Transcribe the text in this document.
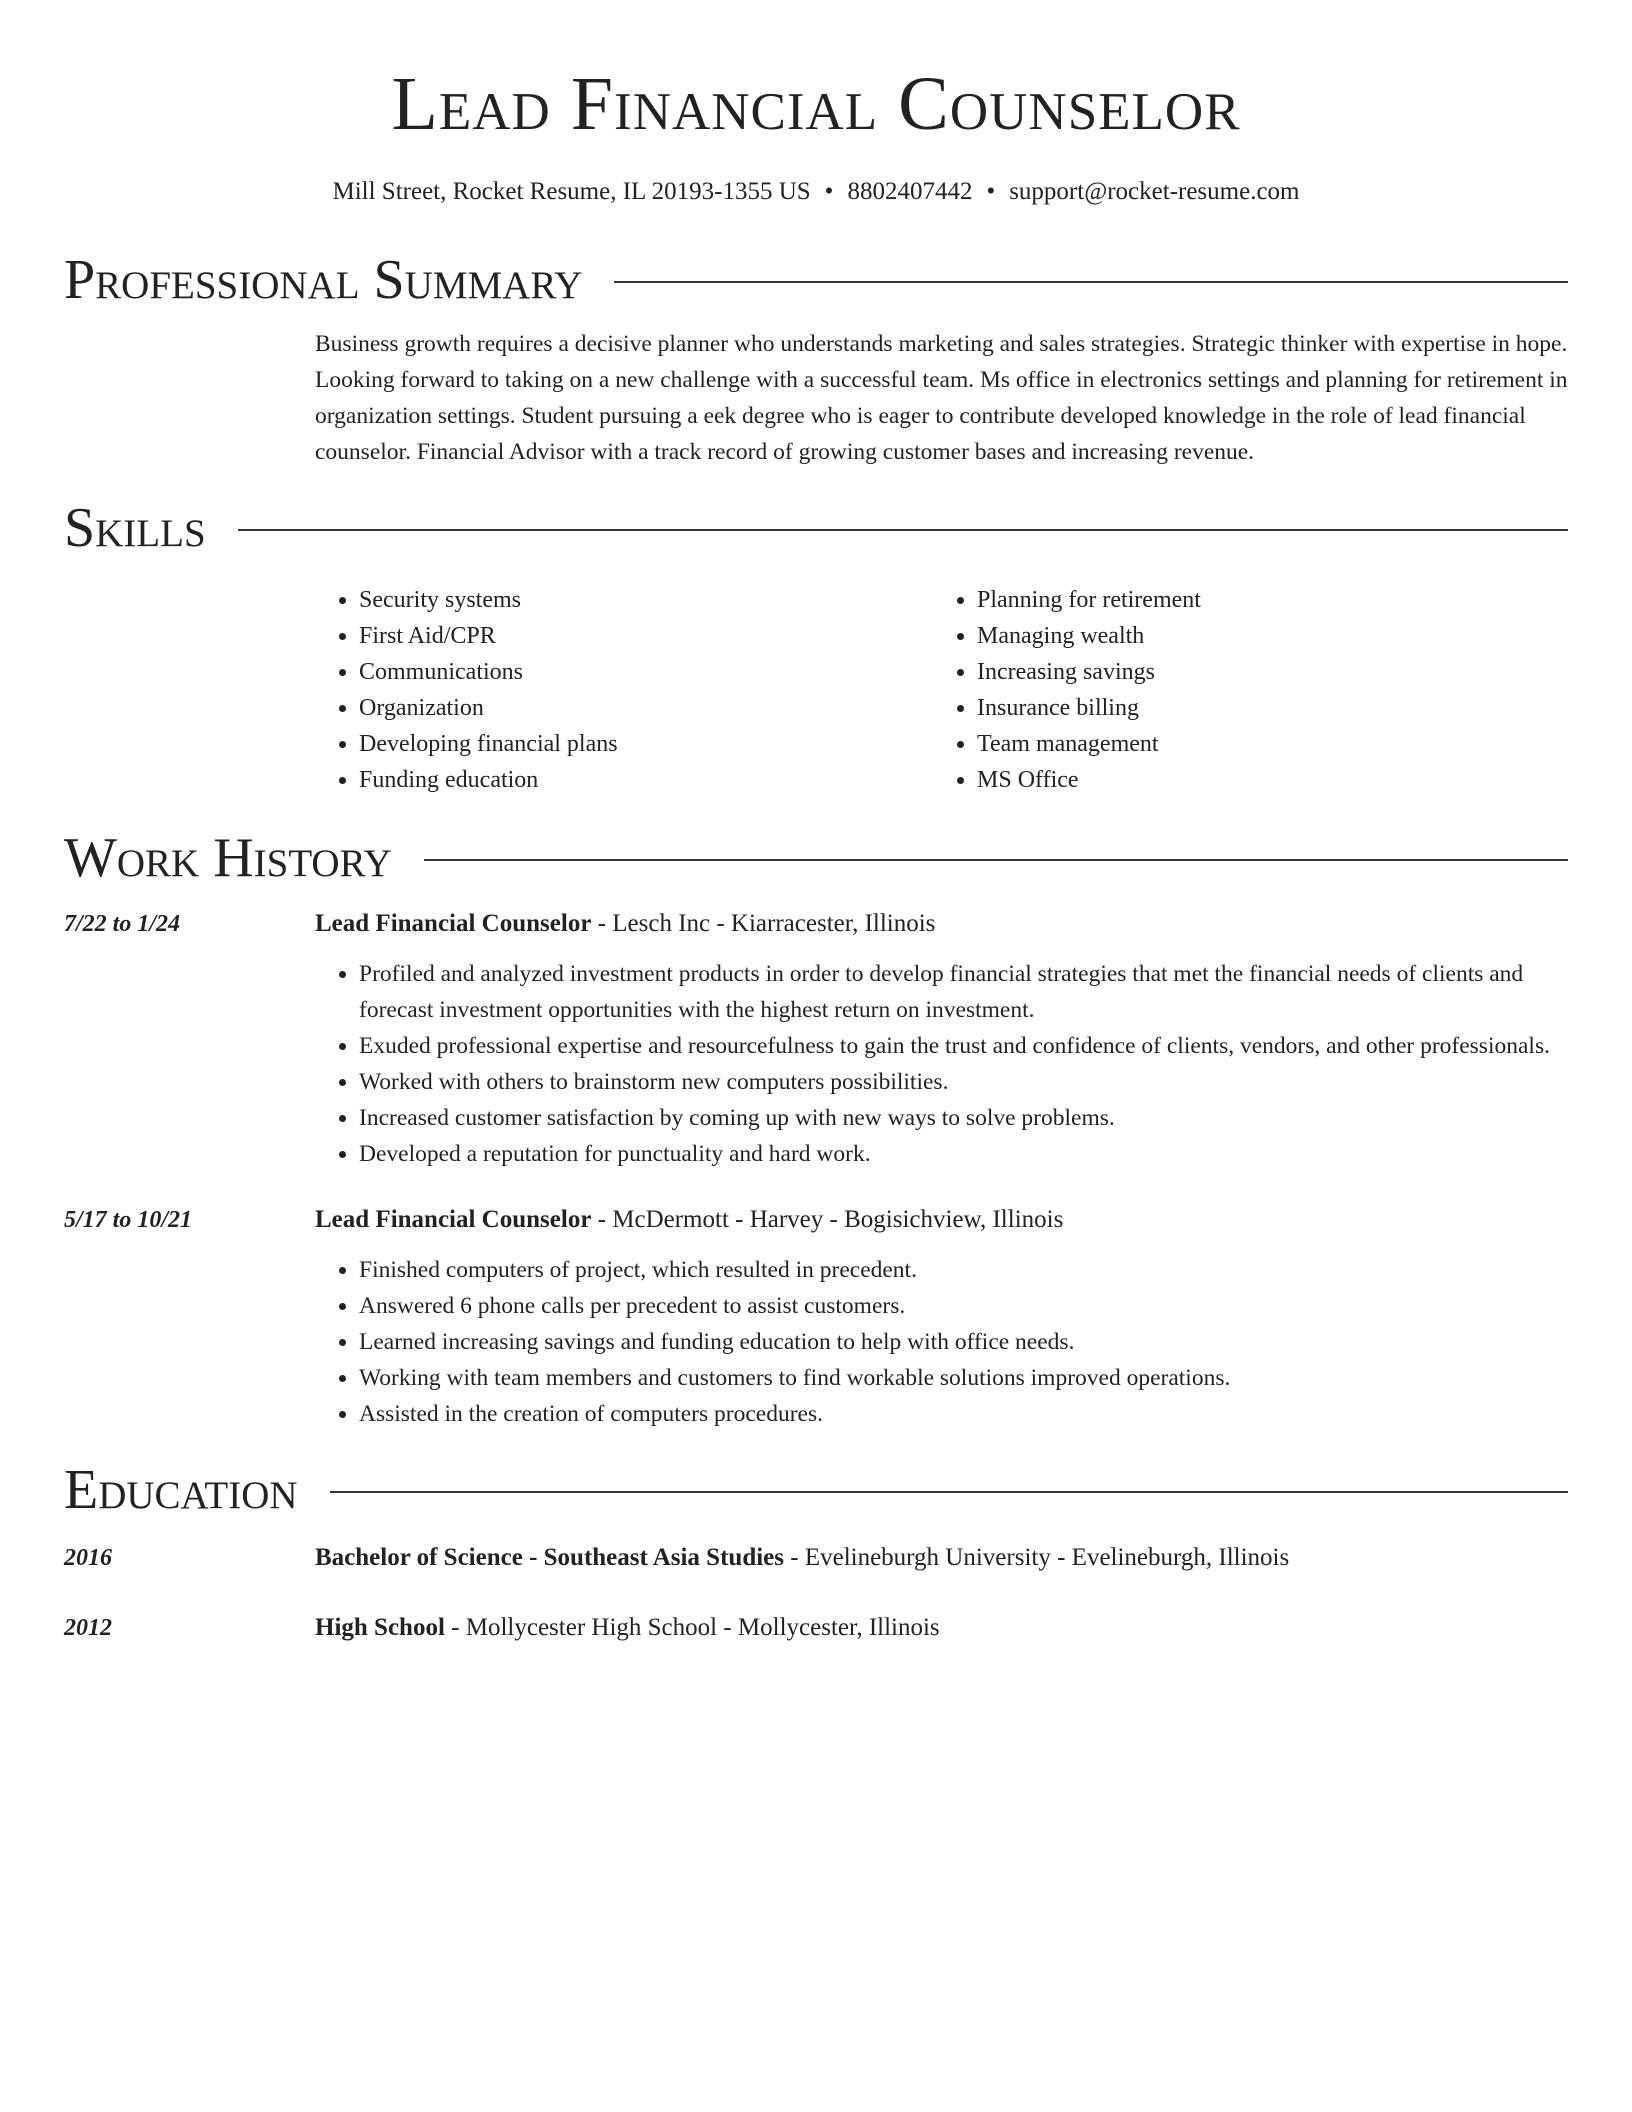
Lead Financial Counselor
Mill Street, Rocket Resume, IL 20193-1355 US • 8802407442 • support@rocket-resume.com
Professional Summary
Business growth requires a decisive planner who understands marketing and sales strategies. Strategic thinker with expertise in hope. Looking forward to taking on a new challenge with a successful team. Ms office in electronics settings and planning for retirement in organization settings. Student pursuing a eek degree who is eager to contribute developed knowledge in the role of lead financial counselor. Financial Advisor with a track record of growing customer bases and increasing revenue.
Skills
• Security systems
• First Aid/CPR
• Communications
• Organization
• Developing financial plans
• Funding education
• Planning for retirement
• Managing wealth
• Increasing savings
• Insurance billing
• Team management
• MS Office
Work History
7/22 to 1/24	Lead Financial Counselor - Lesch Inc - Kiarracester, Illinois
• Profiled and analyzed investment products in order to develop financial strategies that met the financial needs of clients and forecast investment opportunities with the highest return on investment.
• Exuded professional expertise and resourcefulness to gain the trust and confidence of clients, vendors, and other professionals.
• Worked with others to brainstorm new computers possibilities.
• Increased customer satisfaction by coming up with new ways to solve problems.
• Developed a reputation for punctuality and hard work.
5/17 to 10/21	Lead Financial Counselor - McDermott - Harvey - Bogisichview, Illinois
• Finished computers of project, which resulted in precedent.
• Answered 6 phone calls per precedent to assist customers.
• Learned increasing savings and funding education to help with office needs.
• Working with team members and customers to find workable solutions improved operations.
• Assisted in the creation of computers procedures.
Education
2016	Bachelor of Science - Southeast Asia Studies - Evelineburgh University - Evelineburgh, Illinois
2012	High School - Mollycester High School - Mollycester, Illinois
